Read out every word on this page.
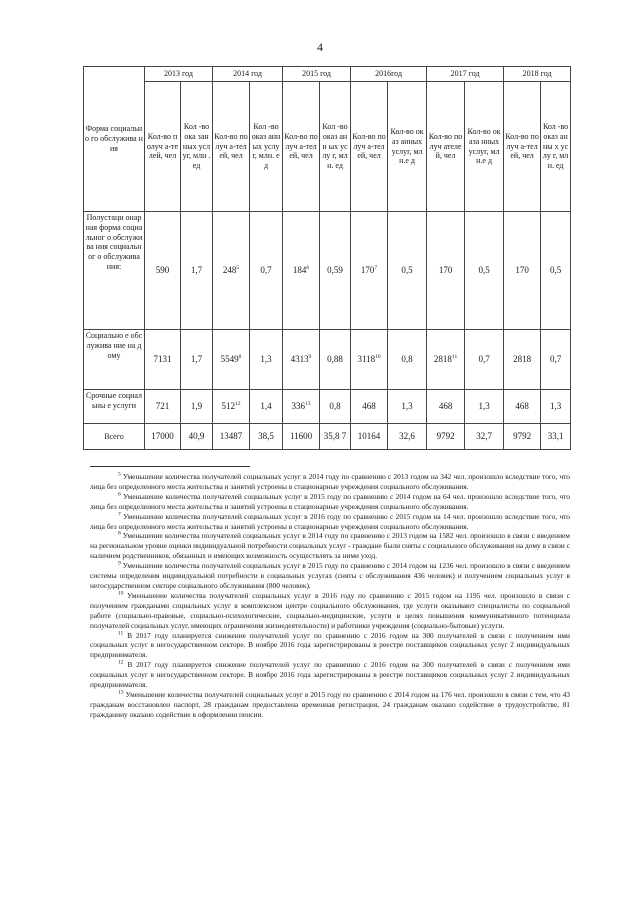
4
Форма социально го обслужива ния	2013 год		2014 год		2015 год		2016год		2017 год		2018 год	
	Кол-во получ а-телей, чел	Кол -во ока зан ных усл уг, млн .ед	Кол-во получ а-телей, чел	Кол -во оказ анн ых услу г, млн. ед	Кол-во получ а-телей, чел	Кол -во оказ анн ых услу г, млн. ед	Кол-во получ а-телей, чел	Кол-во оказ анных услуг, млн.е д	Кол-во получ ателе й, чел	Кол-во оказа нных услуг, млн.е д	Кол-во получ а-телей, чел	Кол -во оказ анны х услу г, млн. ед
Полустаци онарная форма социальног о обслужива ния социальног о обслужива ния:	590	1,7	$248^5$	0,7	$184^6$	0,59	$170^7$	0,5	170	0,5	170	0,5
Социально е обслужива ние на дому	7131	1,7	5549$^8$	1,3	4313$^9$	0,88	3118$^{10}$	0,8	2818$^{11}$	0,7	2818	0,7
Срочные социальны е услуги	721	1,9	$512^{12}$	1,4	$336^{13}$	0,8	468	1,3	468	1,3	468	1,3
Всего	17000	40,9	13487	38,5	11600	35,8 7	10164	32,6	9792	32,7	9792	33,1

$^5$ Уменьшение количества получателей социальных услуг в 2014 году по сравнению с 2013 годом на 342 чел. произошло вследствие того, что лица без определенного места жительства и занятий устроены в стационарные учреждения социального обслуживания.

$^6$ Уменьшение количества получателей социальных услуг в 2015 году по сравнению с 2014 годом на 64 чел. произошло вследствие того, что лица без определенного места жительства и занятий устроены в стационарные учреждения социального обслуживания.

$^7$ Уменьшение количества получателей социальных услуг в 2016 году по сравнению с 2015 годом на 14 чел. произошло вследствие того, что лица без определенного места жительства и занятий устроены в стационарные учреждения социального обслуживания.

$^8$ Уменьшение количества получателей социальных услуг в 2014 году по сравнению с 2013 годом на 1582 чел. произошло в связи с введением на региональном уровне оценки индивидуальной потребности социальных услуг - граждане были сняты с социального обслуживания на дому в связи с наличием родственников, обязанных и имеющих возможность осуществлять за ними уход.

$^9$ Уменьшение количества получателей социальных услуг в 2015 году по сравнению с 2014 годом на 1236 чел. произошло в связи с введением системы определения индивидуальной потребности в социальных услугах (сняты с обслуживания 436 человек) и получением социальных услуг в негосударственном секторе социального обслуживания (800 человек).

$^{10}$ Уменьшение количества получателей социальных услуг в 2016 году по сравнению с 2015 годом на 1195 чел. произошло в связи с получением гражданами социальных услуг в комплексном центре социального обслуживания, где услуги оказывают специалисты по социальной работе (социально-правовые, социально-психологические, социально-медицинские, услуги в целях повышения коммуникативного потенциала получателей социальных услуг, имеющих ограничения жизнедеятельности) и работники учреждения (социально-бытовые) услуги.

$^{11}$ В 2017 году планируется снижение получателей услуг по сравнению с 2016 годом на 300 получателей в связи с получением ими социальных услуг в негосударственном секторе. В ноябре 2016 года зарегистрированы в реестре поставщиков социальных услуг 2 индивидуальных предпринимателя.

$^{12}$ В 2017 году планируется снижение получателей услуг по сравнению с 2016 годом на 300 получателей в связи с получением ими социальных услуг в негосударственном секторе. В ноябре 2016 года зарегистрированы в реестре поставщиков социальных услуг 2 индивидуальных предпринимателя.

$^{13}$ Уменьшение количества получателей социальных услуг в 2015 году по сравнению с 2014 годом на 176 чел. произошло в связи с тем, что 43 гражданам восстановлен паспорт, 28 гражданам предоставлена временная регистрация, 24 гражданам оказано содействие в трудоустройстве, 81 гражданину оказано содействие в оформлении пенсии.
